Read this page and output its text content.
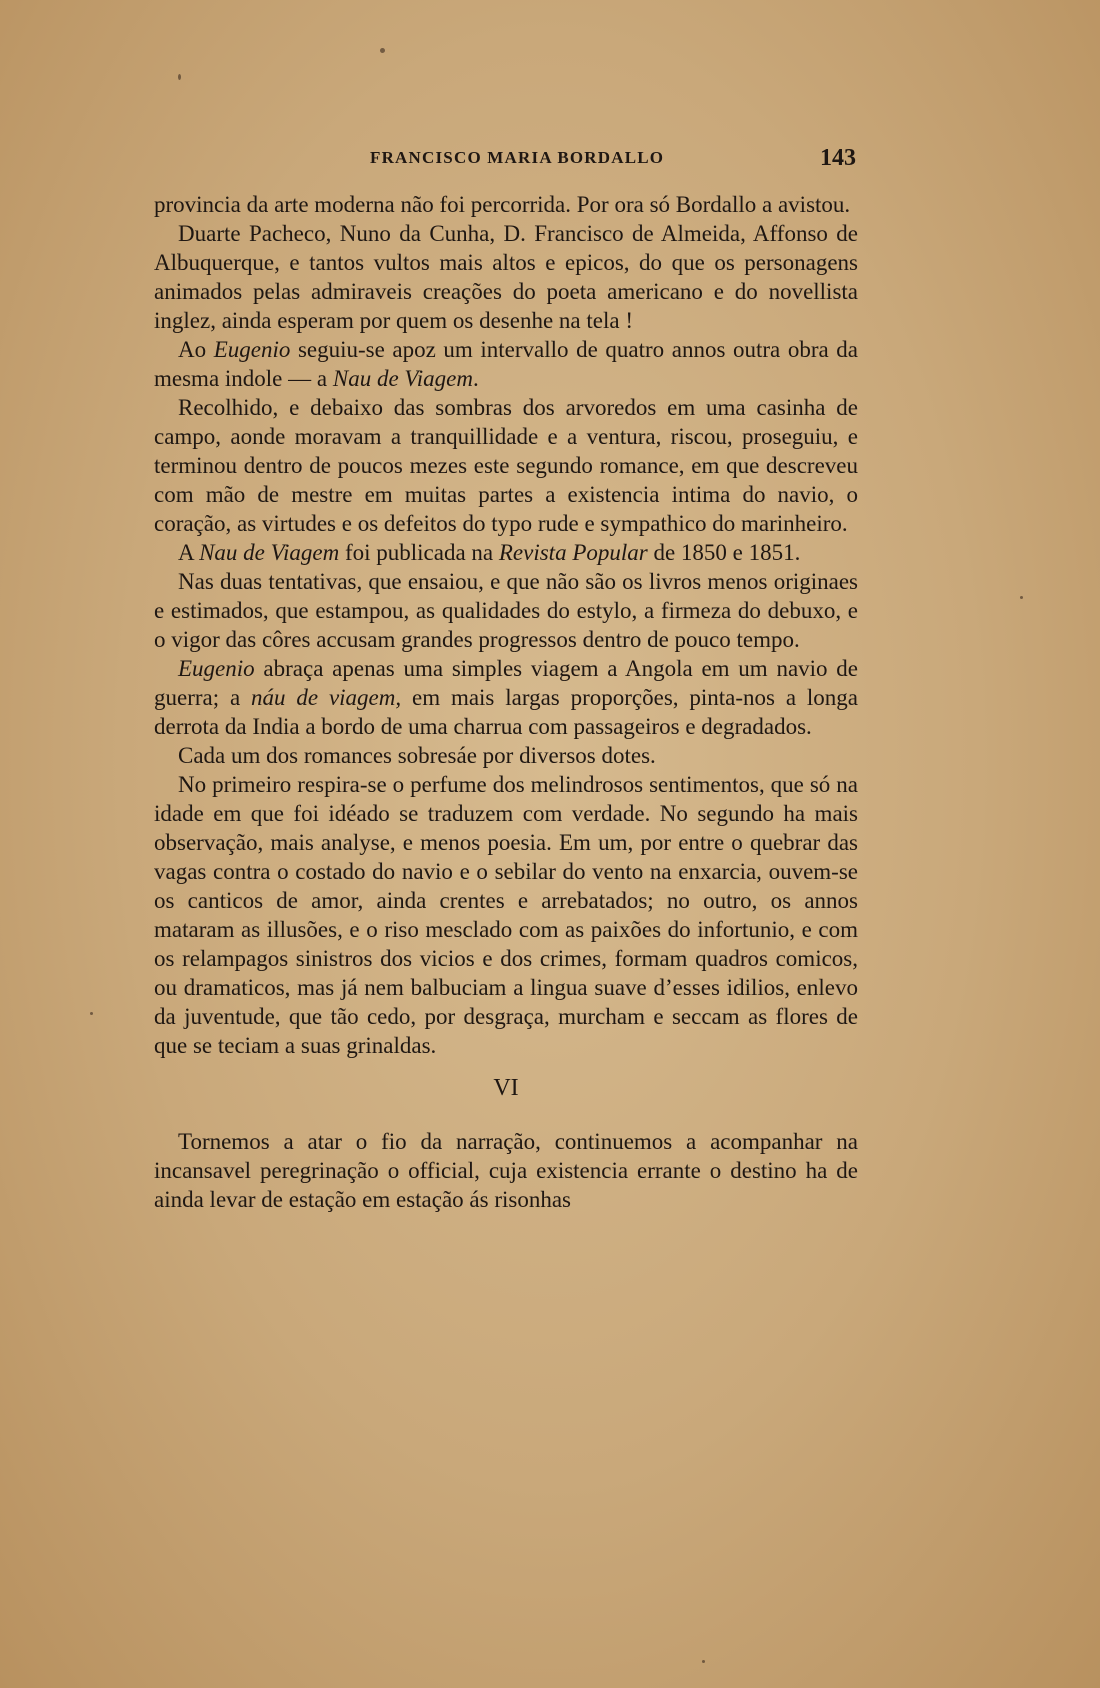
FRANCISCO MARIA BORDALLO	143

provincia da arte moderna não foi percorrida. Por ora só Bordallo a avistou.

Duarte Pacheco, Nuno da Cunha, D. Francisco de Almeida, Affonso de Albuquerque, e tantos vultos mais altos e epicos, do que os personagens animados pelas admiraveis creações do poeta americano e do novellista inglez, ainda esperam por quem os desenhe na tela !

Ao Eugenio seguiu-se apoz um intervallo de quatro annos outra obra da mesma indole — a Nau de Viagem.

Recolhido, e debaixo das sombras dos arvoredos em uma casinha de campo, aonde moravam a tranquillidade e a ventura, riscou, proseguiu, e terminou dentro de poucos mezes este segundo romance, em que descreveu com mão de mestre em muitas partes a existencia intima do navio, o coração, as virtudes e os defeitos do typo rude e sympathico do marinheiro.

A Nau de Viagem foi publicada na Revista Popular de 1850 e 1851.

Nas duas tentativas, que ensaiou, e que não são os livros menos originaes e estimados, que estampou, as qualidades do estylo, a firmeza do debuxo, e o vigor das côres accusam grandes progressos dentro de pouco tempo.

Eugenio abraça apenas uma simples viagem a Angola em um navio de guerra; a náu de viagem, em mais largas proporções, pinta-nos a longa derrota da India a bordo de uma charrua com passageiros e degradados.

Cada um dos romances sobresáe por diversos dotes.

No primeiro respira-se o perfume dos melindrosos sentimentos, que só na idade em que foi idéado se traduzem com verdade. No segundo ha mais observação, mais analyse, e menos poesia. Em um, por entre o quebrar das vagas contra o costado do navio e o sebilar do vento na enxarcia, ouvem-se os canticos de amor, ainda crentes e arrebatados; no outro, os annos mataram as illusões, e o riso mesclado com as paixões do infortunio, e com os relampagos sinistros dos vicios e dos crimes, formam quadros comicos, ou dramaticos, mas já nem balbuciam a lingua suave d’esses idilios, enlevo da juventude, que tão cedo, por desgraça, murcham e seccam as flores de que se teciam a suas grinaldas.

VI

Tornemos a atar o fio da narração, continuemos a acompanhar na incansavel peregrinação o official, cuja existencia errante o destino ha de ainda levar de estação em estação ás risonhas
